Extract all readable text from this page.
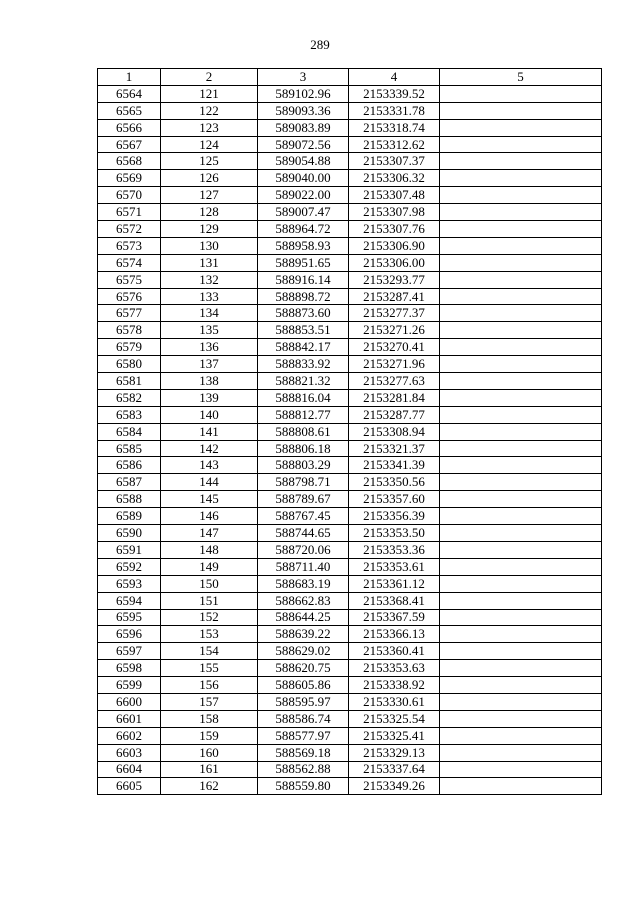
289
1	2	3	4	5
6564	121	589102.96	2153339.52	
6565	122	589093.36	2153331.78	
6566	123	589083.89	2153318.74	
6567	124	589072.56	2153312.62	
6568	125	589054.88	2153307.37	
6569	126	589040.00	2153306.32	
6570	127	589022.00	2153307.48	
6571	128	589007.47	2153307.98	
6572	129	588964.72	2153307.76	
6573	130	588958.93	2153306.90	
6574	131	588951.65	2153306.00	
6575	132	588916.14	2153293.77	
6576	133	588898.72	2153287.41	
6577	134	588873.60	2153277.37	
6578	135	588853.51	2153271.26	
6579	136	588842.17	2153270.41	
6580	137	588833.92	2153271.96	
6581	138	588821.32	2153277.63	
6582	139	588816.04	2153281.84	
6583	140	588812.77	2153287.77	
6584	141	588808.61	2153308.94	
6585	142	588806.18	2153321.37	
6586	143	588803.29	2153341.39	
6587	144	588798.71	2153350.56	
6588	145	588789.67	2153357.60	
6589	146	588767.45	2153356.39	
6590	147	588744.65	2153353.50	
6591	148	588720.06	2153353.36	
6592	149	588711.40	2153353.61	
6593	150	588683.19	2153361.12	
6594	151	588662.83	2153368.41	
6595	152	588644.25	2153367.59	
6596	153	588639.22	2153366.13	
6597	154	588629.02	2153360.41	
6598	155	588620.75	2153353.63	
6599	156	588605.86	2153338.92	
6600	157	588595.97	2153330.61	
6601	158	588586.74	2153325.54	
6602	159	588577.97	2153325.41	
6603	160	588569.18	2153329.13	
6604	161	588562.88	2153337.64	
6605	162	588559.80	2153349.26	
